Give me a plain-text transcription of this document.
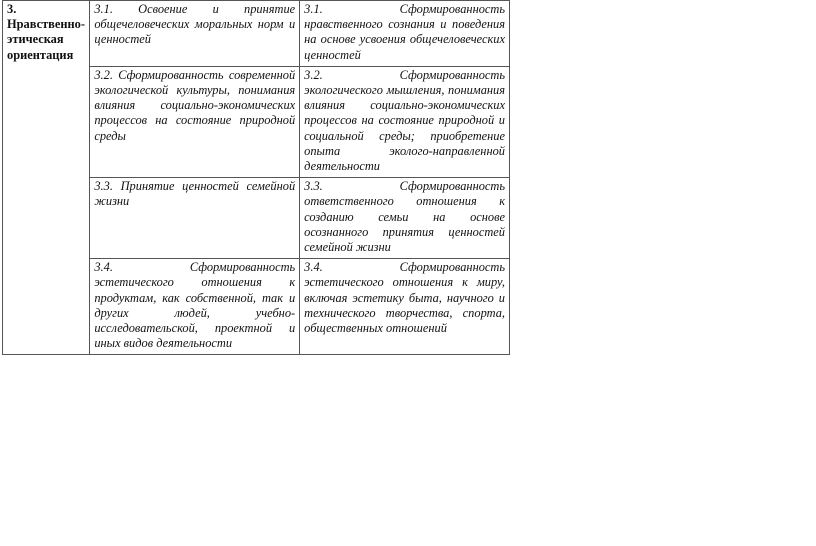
3.
Нравственно-
этическая
ориентация	3.1. Освоение и принятие общечеловеческих моральных норм и ценностей	3.1. Сформированность нравственного сознания и поведения на основе усвоения общечеловеческих ценностей
	3.2. Сформированность современной экологической культуры, понимания влияния социально-экономических процессов на состояние природной среды	3.2. Сформированность экологического мышления, понимания влияния социально-экономических процессов на состояние природной и социальной среды; приобретение опыта эколого-направленной деятельности
	3.3. Принятие ценностей семейной жизни	3.3. Сформированность ответственного отношения к созданию семьи на основе осознанного принятия ценностей семейной жизни
	3.4. Сформированность эстетического отношения к продуктам, как собственной, так и других людей, учебно-исследовательской, проектной и иных видов деятельности	3.4. Сформированность эстетического отношения к миру, включая эстетику быта, научного и технического творчества, спорта, общественных отношений
